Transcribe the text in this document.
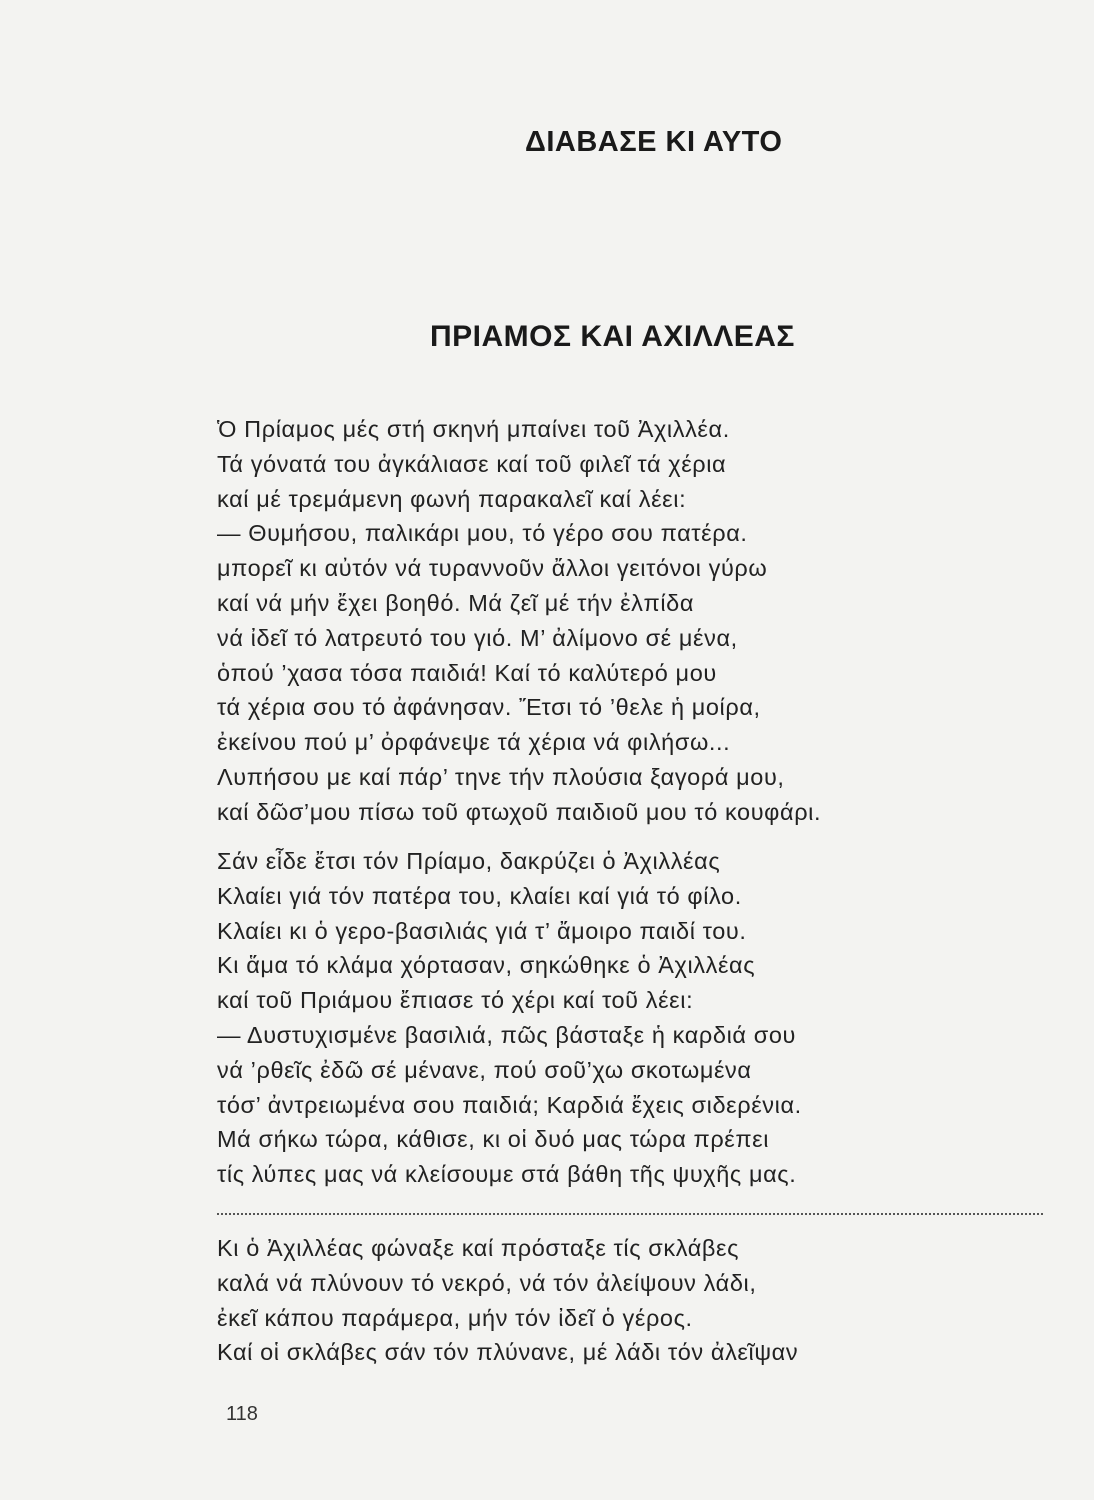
ΔΙΑΒΑΣΕ ΚΙ ΑΥΤΟ
ΠΡΙΑΜΟΣ ΚΑΙ ΑΧΙΛΛΕΑΣ
Ὁ Πρίαμος μές στή σκηνή μπαίνει τοῦ Ἀχιλλέα.
Τά γόνατά του ἀγκάλιασε καί τοῦ φιλεῖ τά χέρια
καί μέ τρεμάμενη φωνή παρακαλεῖ καί λέει:
— Θυμήσου, παλικάρι μου, τό γέρο σου πατέρα.
μπορεῖ κι αὐτόν νά τυραννοῦν ἄλλοι γειτόνοι γύρω
καί νά μήν ἔχει βοηθό. Μά ζεῖ μέ τήν ἐλπίδα
νά ἰδεῖ τό λατρευτό του γιό. Μ’ ἀλίμονο σέ μένα,
ὁπού ’χασα τόσα παιδιά! Καί τό καλύτερό μου
τά χέρια σου τό ἀφάνησαν. Ἔτσι τό ’θελε ἡ μοίρα,
ἐκείνου πού μ’ ὀρφάνεψε τά χέρια νά φιλήσω...
Λυπήσου με καί πάρ’ τηνε τήν πλούσια ξαγορά μου,
καί δῶσ’μου πίσω τοῦ φτωχοῦ παιδιοῦ μου τό κουφάρι.
Σάν εἶδε ἔτσι τόν Πρίαμο, δακρύζει ὁ Ἀχιλλέας
Κλαίει γιά τόν πατέρα του, κλαίει καί γιά τό φίλο.
Κλαίει κι ὁ γερο-βασιλιάς γιά τ’ ἄμοιρο παιδί του.
Κι ἅμα τό κλάμα χόρτασαν, σηκώθηκε ὁ Ἀχιλλέας
καί τοῦ Πριάμου ἔπιασε τό χέρι καί τοῦ λέει:
— Δυστυχισμένε βασιλιά, πῶς βάσταξε ἡ καρδιά σου
νά ’ρθεῖς ἐδῶ σέ μένανε, πού σοῦ’χω σκοτωμένα
τόσ’ ἀντρειωμένα σου παιδιά; Καρδιά ἔχεις σιδερένια.
Μά σήκω τώρα, κάθισε, κι οἱ δυό μας τώρα πρέπει
τίς λύπες μας νά κλείσουμε στά βάθη τῆς ψυχῆς μας.
Κι ὁ Ἀχιλλέας φώναξε καί πρόσταξε τίς σκλάβες
καλά νά πλύνουν τό νεκρό, νά τόν ἀλείψουν λάδι,
ἐκεῖ κάπου παράμερα, μήν τόν ἰδεῖ ὁ γέρος.
Καί οἱ σκλάβες σάν τόν πλύνανε, μέ λάδι τόν ἀλεῖψαν
118
